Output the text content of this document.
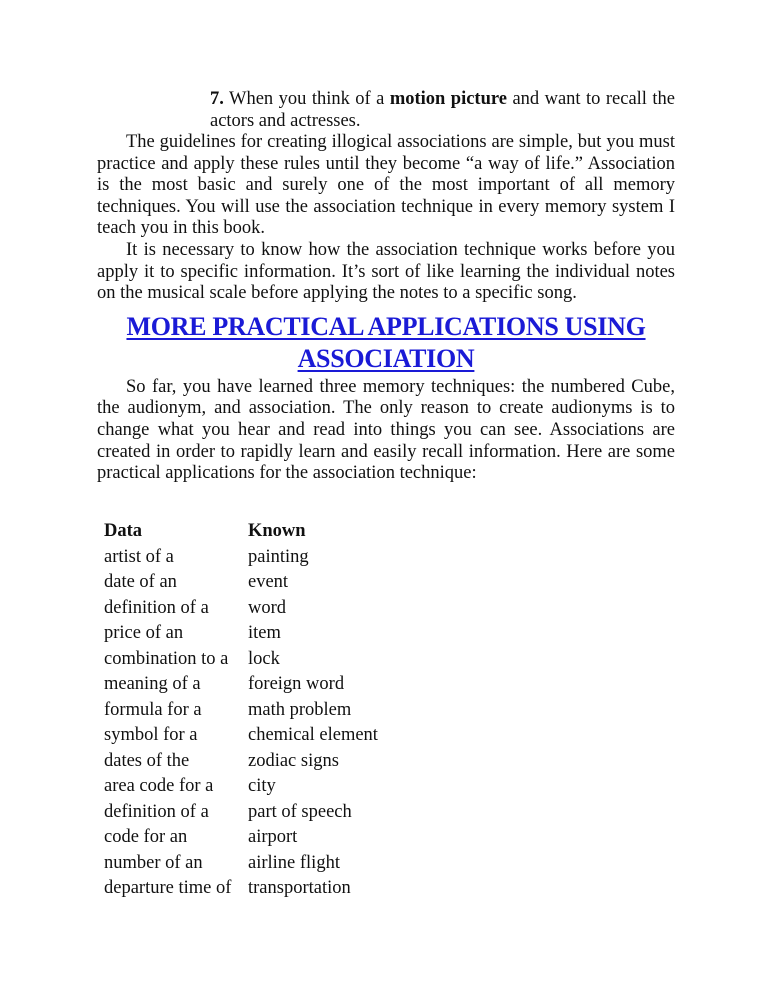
7. When you think of a motion picture and want to recall the actors and actresses.

The guidelines for creating illogical associations are simple, but you must practice and apply these rules until they become “a way of life.” Association is the most basic and surely one of the most important of all memory techniques. You will use the association technique in every memory system I teach you in this book.

It is necessary to know how the association technique works before you apply it to specific information. It’s sort of like learning the individual notes on the musical scale before applying the notes to a specific song.

MORE PRACTICAL APPLICATIONS USING
ASSOCIATION

So far, you have learned three memory techniques: the numbered Cube, the audionym, and association. The only reason to create audionyms is to change what you hear and read into things you can see. Associations are created in order to rapidly learn and easily recall information. Here are some practical applications for the association technique:

Data	Known
artist of a	painting
date of an	event
definition of a	word
price of an	item
combination to a	lock
meaning of a	foreign word
formula for a	math problem
symbol for a	chemical element
dates of the	zodiac signs
area code for a	city
definition of a	part of speech
code for an	airport
number of an	airline flight
departure time of	transportation
